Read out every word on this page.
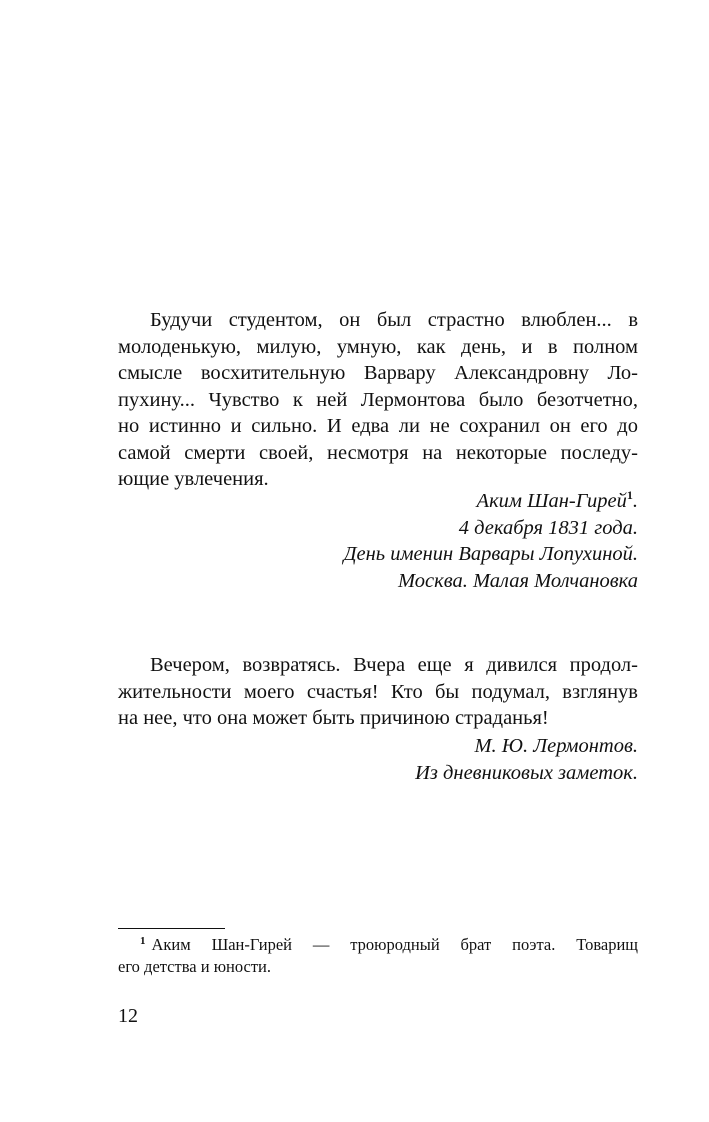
Будучи студентом, он был страстно влюблен... в
молоденькую, милую, умную, как день, и в полном
смысле восхитительную Варвару Александровну Ло-
пухину... Чувство к ней Лермонтова было безотчетно,
но истинно и сильно. И едва ли не сохранил он его до
самой смерти своей, несмотря на некоторые последу-
ющие увлечения.

Аким Шан-Гирей$^1$.
4 декабря 1831 года.
День именин Варвары Лопухиной.
Москва. Малая Молчановка

Вечером, возвратясь. Вчера еще я дивился продол-
жительности моего счастья! Кто бы подумал, взглянув
на нее, что она может быть причиною страданья!

М. Ю. Лермонтов.
Из дневниковых заметок.

$^1$ Аким Шан-Гирей — троюродный брат поэта. Товарищ
его детства и юности.

12
